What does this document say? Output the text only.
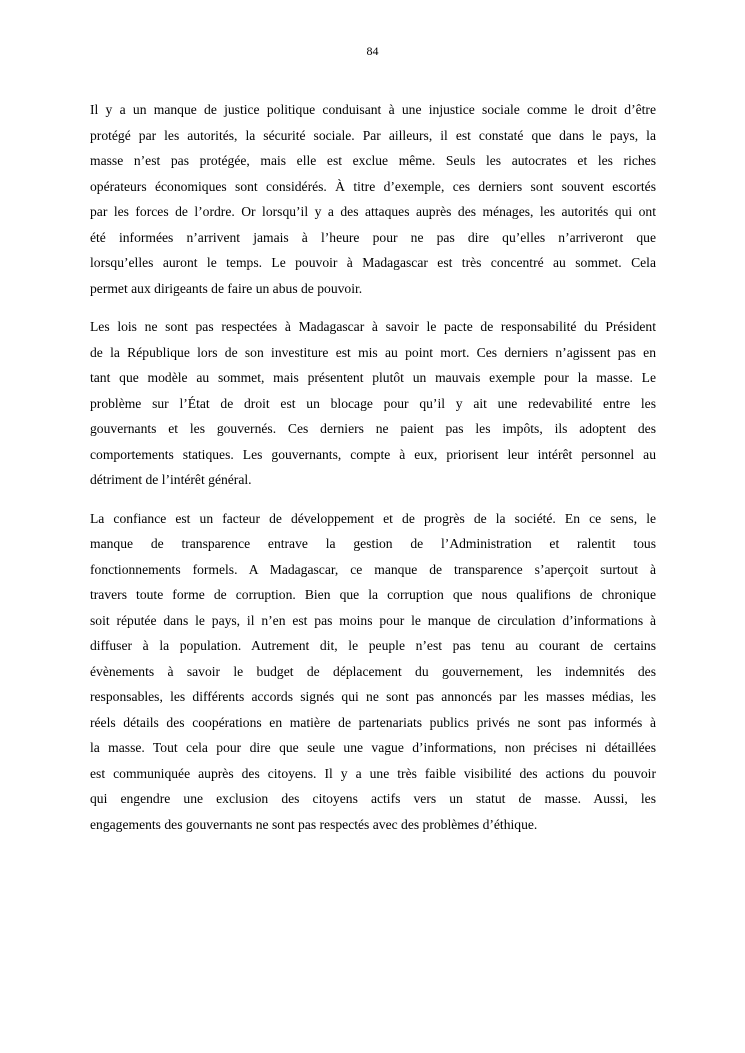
84

Il y a un manque de justice politique conduisant à une injustice sociale comme le droit d’être
protégé par les autorités, la sécurité sociale. Par ailleurs, il est constaté que dans le pays, la
masse n’est pas protégée, mais elle est exclue même. Seuls les autocrates et les riches
opérateurs économiques sont considérés. À titre d’exemple, ces derniers sont souvent escortés
par les forces de l’ordre. Or lorsqu’il y a des attaques auprès des ménages, les autorités qui ont
été informées n’arrivent jamais à l’heure pour ne pas dire qu’elles n’arriveront que
lorsqu’elles auront le temps. Le pouvoir à Madagascar est très concentré au sommet. Cela
permet aux dirigeants de faire un abus de pouvoir.

Les lois ne sont pas respectées à Madagascar à savoir le pacte de responsabilité du Président
de la République lors de son investiture est mis au point mort. Ces derniers n’agissent pas en
tant que modèle au sommet, mais présentent plutôt un mauvais exemple pour la masse. Le
problème sur l’État de droit est un blocage pour qu’il y ait une redevabilité entre les
gouvernants et les gouvernés. Ces derniers ne paient pas les impôts, ils adoptent des
comportements statiques. Les gouvernants, compte à eux, priorisent leur intérêt personnel au
détriment de l’intérêt général.

La confiance est un facteur de développement et de progrès de la société. En ce sens, le
manque de transparence entrave la gestion de l’Administration et ralentit tous
fonctionnements formels. A Madagascar, ce manque de transparence s’aperçoit surtout à
travers toute forme de corruption. Bien que la corruption que nous qualifions de chronique
soit réputée dans le pays, il n’en est pas moins pour le manque de circulation d’informations à
diffuser à la population. Autrement dit, le peuple n’est pas tenu au courant de certains
évènements à savoir le budget de déplacement du gouvernement, les indemnités des
responsables, les différents accords signés qui ne sont pas annoncés par les masses médias, les
réels détails des coopérations en matière de partenariats publics privés ne sont pas informés à
la masse. Tout cela pour dire que seule une vague d’informations, non précises ni détaillées
est communiquée auprès des citoyens. Il y a une très faible visibilité des actions du pouvoir
qui engendre une exclusion des citoyens actifs vers un statut de masse. Aussi, les
engagements des gouvernants ne sont pas respectés avec des problèmes d’éthique.
